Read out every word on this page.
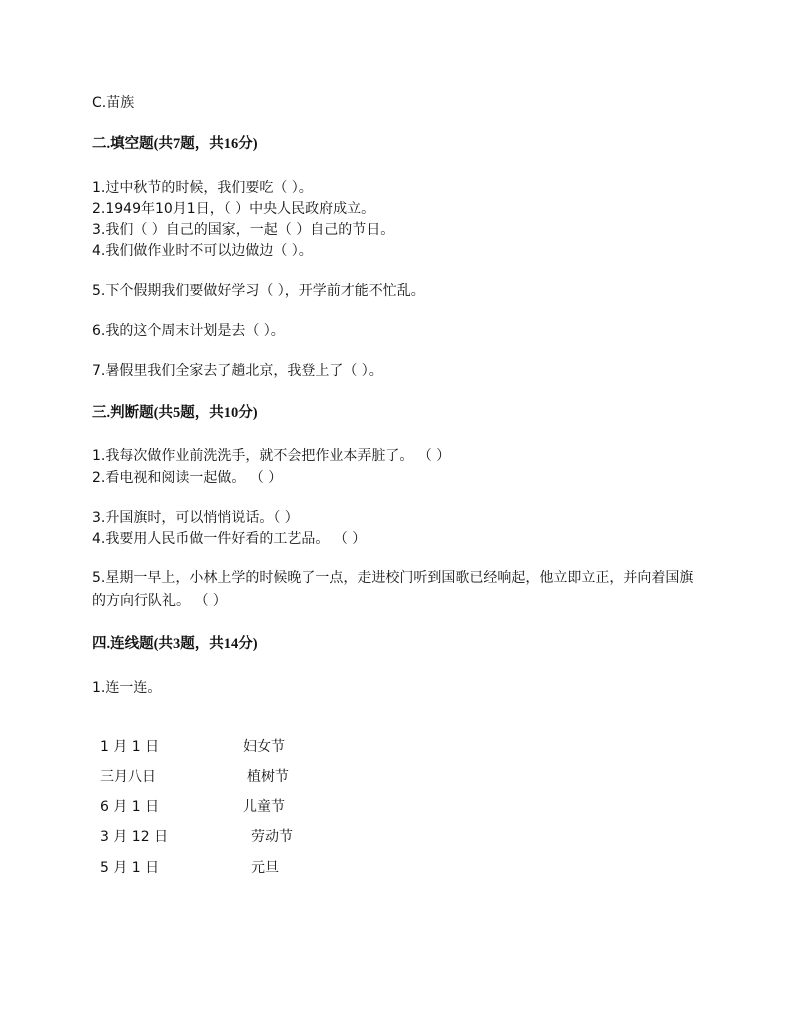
C.苗族
二.填空题(共7题，共16分)
1.过中秋节的时候，我们要吃（ ）。
2.1949年10月1日，（ ）中央人民政府成立。
3.我们（ ）自己的国家，一起（ ）自己的节日。
4.我们做作业时不可以边做边（ ）。
5.下个假期我们要做好学习（ ），开学前才能不忙乱。
6.我的这个周末计划是去（ ）。
7.暑假里我们全家去了趟北京，我登上了（ ）。
三.判断题(共5题，共10分)
1.我每次做作业前洗洗手，就不会把作业本弄脏了。 （ ）
2.看电视和阅读一起做。 （ ）
3.升国旗时，可以悄悄说话。（ ）
4.我要用人民币做一件好看的工艺品。 （ ）
5.星期一早上，小林上学的时候晚了一点，走进校门听到国歌已经响起，他立即立正，并向着国旗的方向行队礼。 （ ）
四.连线题(共3题，共14分)
1.连一连。
1 月 1 日
三月八日
6 月 1 日
3 月 12 日
5 月 1 日
妇女节
植树节
儿童节
劳动节
元旦
